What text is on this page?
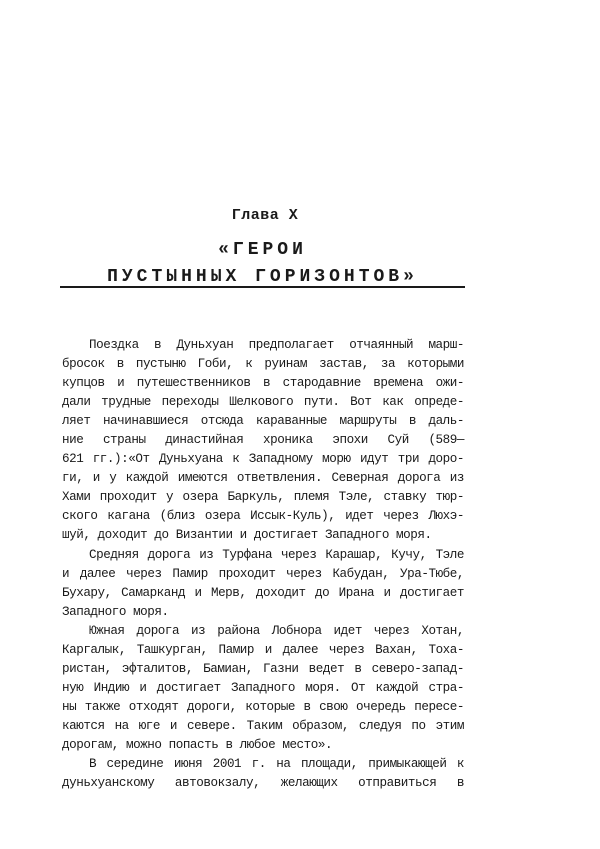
Глава X
«ГЕРОИ
ПУСТЫННЫХ ГОРИЗОНТОВ»
Поездка в Дуньхуан предполагает отчаянный марш-
бросок в пустыню Гоби, к руинам застав, за которыми
купцов и путешественников в стародавние времена ожи-
дали трудные переходы Шелкового пути. Вот как опреде-
ляет начинавшиеся отсюда караванные маршруты в даль-
ние страны династийная хроника эпохи Суй (589—
621 гг.):«От Дуньхуана к Западному морю идут три доро-
ги, и у каждой имеются ответвления. Северная дорога из
Хами проходит у озера Баркуль, племя Тэле, ставку тюр-
ского кагана (близ озера Иссык-Куль), идет через Люхэ-
шуй, доходит до Византии и достигает Западного моря.
Средняя дорога из Турфана через Карашар, Кучу, Тэле
и далее через Памир проходит через Кабудан, Ура-Тюбе,
Бухару, Самарканд и Мерв, доходит до Ирана и достигает
Западного моря.
Южная дорога из района Лобнора идет через Хотан,
Каргалык, Ташкурган, Памир и далее через Вахан, Тоха-
ристан, эфталитов, Бамиан, Газни ведет в северо-запад-
ную Индию и достигает Западного моря. От каждой стра-
ны также отходят дороги, которые в свою очередь пересе-
каются на юге и севере. Таким образом, следуя по этим
дорогам, можно попасть в любое место».
В середине июня 2001 г. на площади, примыкающей к
дуньхуанскому автовокзалу, желающих отправиться в
